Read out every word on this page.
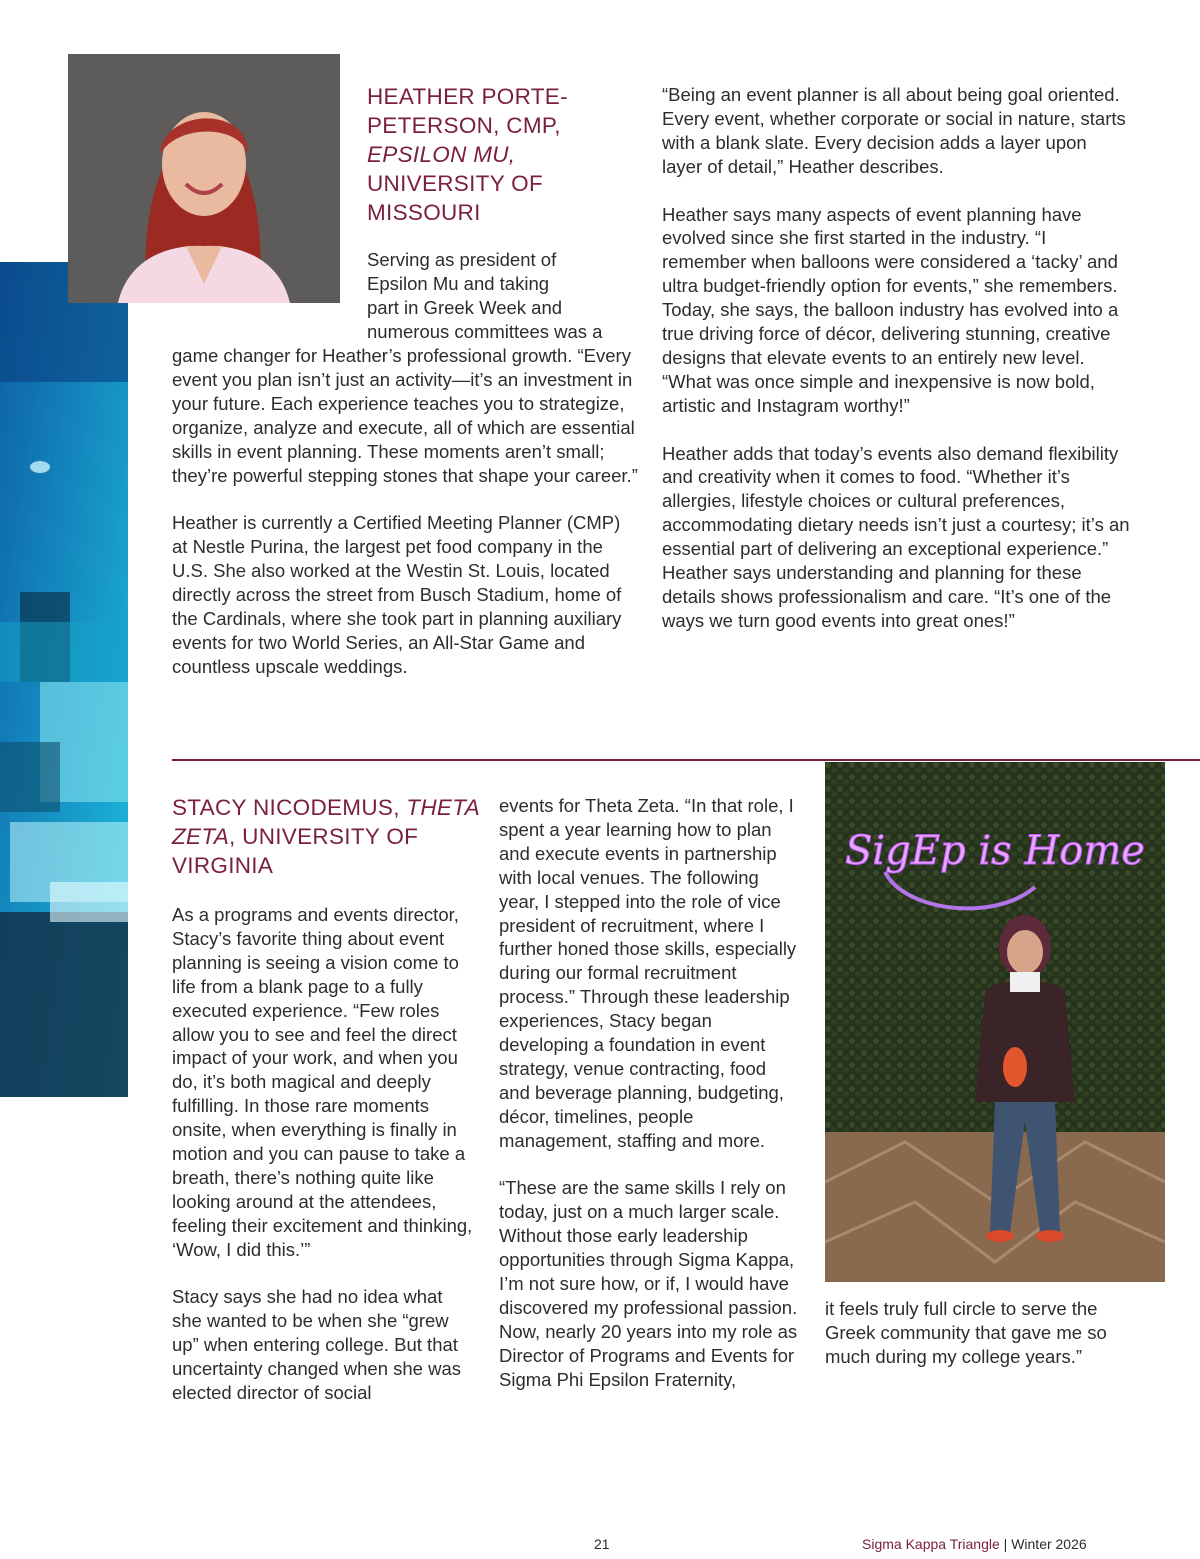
HEATHER PORTE-
PETERSON, CMP,
EPSILON MU,
UNIVERSITY OF
MISSOURI
Serving as president of
Epsilon Mu and taking
part in Greek Week and
numerous committees was a

game changer for Heather’s professional growth. “Every event you plan isn’t just an activity—it’s an investment in your future. Each experience teaches you to strategize, organize, analyze and execute, all of which are essential skills in event planning. These moments aren’t small; they’re powerful stepping stones that shape your career.”

Heather is currently a Certified Meeting Planner (CMP) at Nestle Purina, the largest pet food company in the U.S. She also worked at the Westin St. Louis, located directly across the street from Busch Stadium, home of the Cardinals, where she took part in planning auxiliary events for two World Series, an All-Star Game and countless upscale weddings.

“Being an event planner is all about being goal oriented. Every event, whether corporate or social in nature, starts with a blank slate. Every decision adds a layer upon layer of detail,” Heather describes.

Heather says many aspects of event planning have evolved since she first started in the industry. “I remember when balloons were considered a ‘tacky’ and ultra budget-friendly option for events,” she remembers. Today, she says, the balloon industry has evolved into a true driving force of décor, delivering stunning, creative designs that elevate events to an entirely new level. “What was once simple and inexpensive is now bold, artistic and Instagram worthy!”

Heather adds that today’s events also demand flexibility and creativity when it comes to food. “Whether it’s allergies, lifestyle choices or cultural preferences, accommodating dietary needs isn’t just a courtesy; it’s an essential part of delivering an exceptional experience.” Heather says understanding and planning for these details shows professionalism and care. “It’s one of the ways we turn good events into great ones!”

STACY NICODEMUS, THETA
ZETA, UNIVERSITY OF
VIRGINIA

As a programs and events director, Stacy’s favorite thing about event planning is seeing a vision come to life from a blank page to a fully executed experience. “Few roles allow you to see and feel the direct impact of your work, and when you do, it’s both magical and deeply fulfilling. In those rare moments onsite, when everything is finally in motion and you can pause to take a breath, there’s nothing quite like looking around at the attendees, feeling their excitement and thinking, ‘Wow, I did this.’”

Stacy says she had no idea what she wanted to be when she “grew up” when entering college. But that uncertainty changed when she was elected director of social

events for Theta Zeta. “In that role, I spent a year learning how to plan and execute events in partnership with local venues. The following year, I stepped into the role of vice president of recruitment, where I further honed those skills, especially during our formal recruitment process.” Through these leadership experiences, Stacy began developing a foundation in event strategy, venue contracting, food and beverage planning, budgeting, décor, timelines, people management, staffing and more.

“These are the same skills I rely on today, just on a much larger scale. Without those early leadership opportunities through Sigma Kappa, I’m not sure how, or if, I would have discovered my professional passion. Now, nearly 20 years into my role as Director of Programs and Events for Sigma Phi Epsilon Fraternity,

SigEp is Home

it feels truly full circle to serve the Greek community that gave me so much during my college years.”

21	Sigma Kappa Triangle | Winter 2026
